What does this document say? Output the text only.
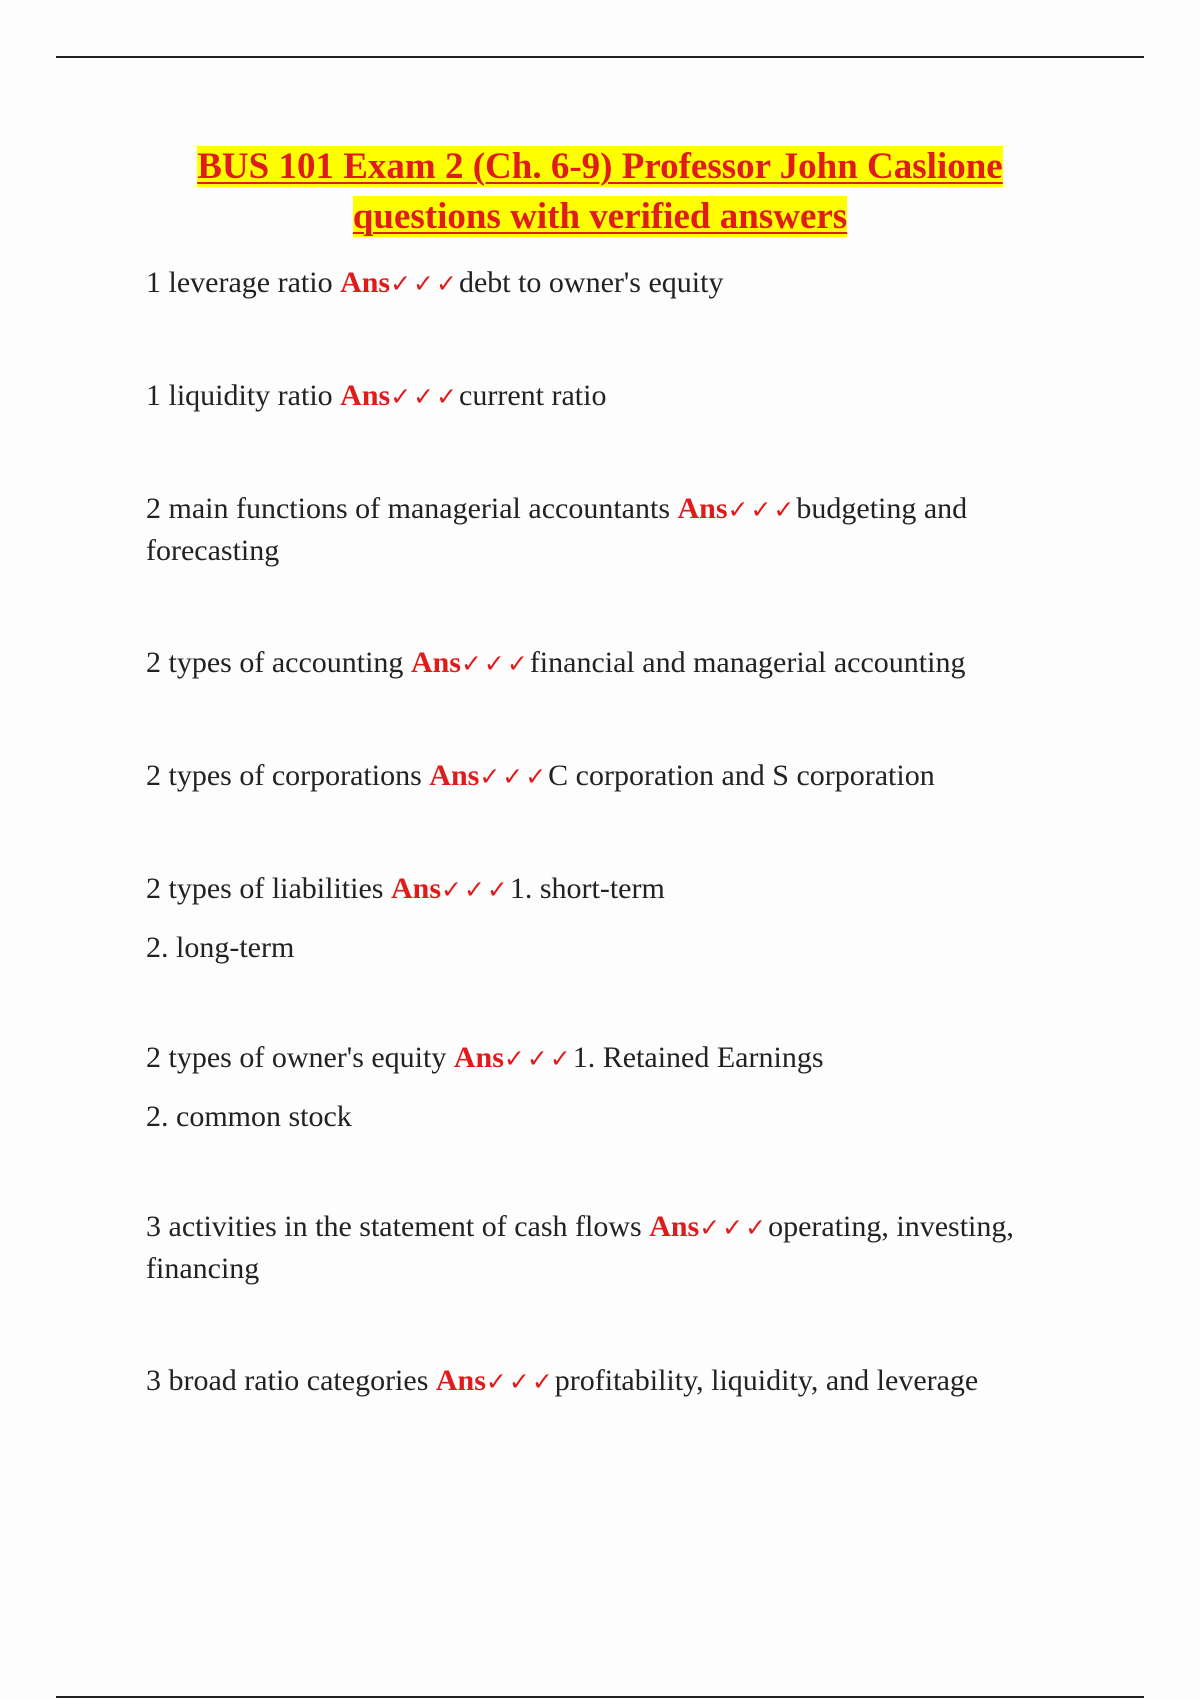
BUS 101 Exam 2 (Ch. 6-9) Professor John Caslione
questions with verified answers
1 leverage ratio Ans✓✓✓debt to owner's equity
1 liquidity ratio Ans✓✓✓current ratio
2 main functions of managerial accountants Ans✓✓✓budgeting and forecasting
2 types of accounting Ans✓✓✓financial and managerial accounting
2 types of corporations Ans✓✓✓C corporation and S corporation
2 types of liabilities Ans✓✓✓1. short-term
2. long-term
2 types of owner's equity Ans✓✓✓1. Retained Earnings
2. common stock
3 activities in the statement of cash flows Ans✓✓✓operating, investing, financing
3 broad ratio categories Ans✓✓✓profitability, liquidity, and leverage
